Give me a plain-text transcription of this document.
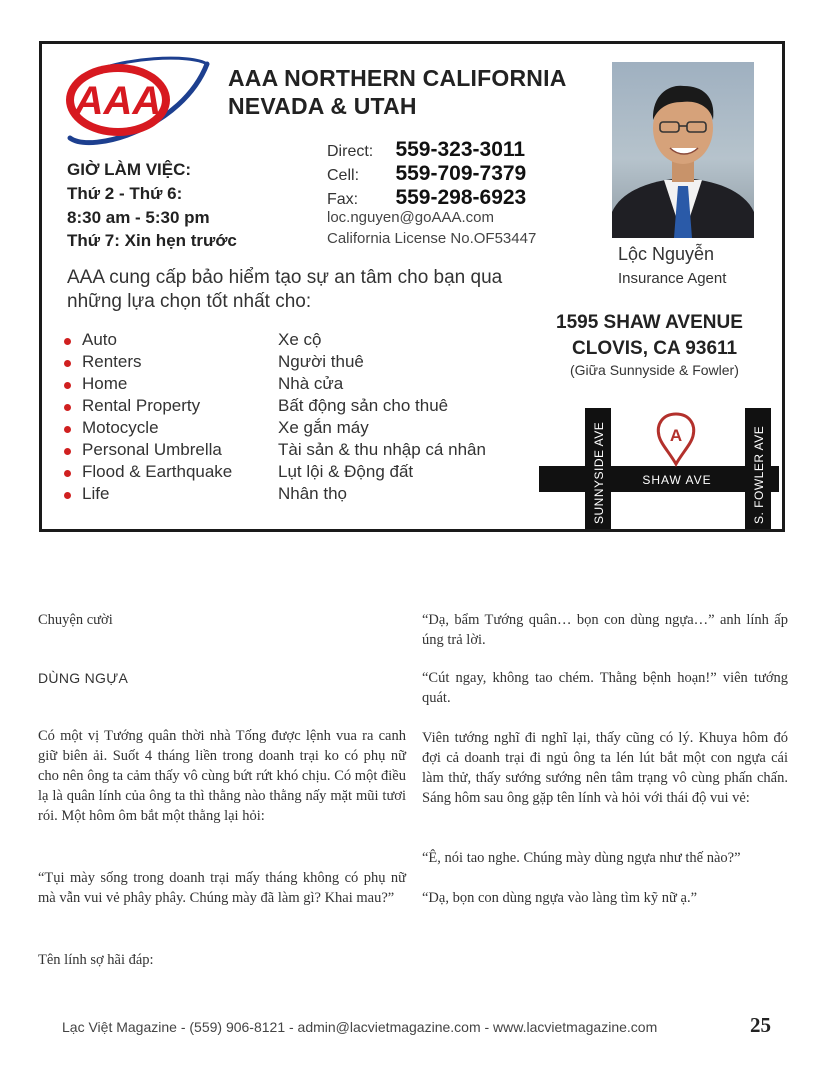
AAA
AAA NORTHERN CALIFORNIA
NEVADA & UTAH
GIỜ LÀM VIỆC:
Thứ 2 - Thứ 6:
8:30 am - 5:30 pm
Thứ 7: Xin hẹn trước
Direct: 559-323-3011
Cell: 559-709-7379
Fax: 559-298-6923
loc.nguyen@goAAA.com
California License No.OF53447
Lộc Nguyễn
Insurance Agent
AAA cung cấp bảo hiểm tạo sự an tâm cho bạn qua
những lựa chọn tốt nhất cho:
Auto	Xe cộ
Renters	Người thuê
Home	Nhà cửa
Rental Property	Bất động sản cho thuê
Motocycle	Xe gắn máy
Personal Umbrella	Tài sản & thu nhập cá nhân
Flood & Earthquake	Lụt lội & Động đất
Life	Nhân thọ
1595 SHAW AVENUE
CLOVIS, CA 93611
(Giữa Sunnyside & Fowler)
SUNNYSIDE AVE	S. FOWLER AVE
SHAW AVE
A
Chuyện cười
DÙNG NGỰA
Có một vị Tướng quân thời nhà Tống được lệnh vua ra canh giữ biên ải. Suốt 4 tháng liền trong doanh trại ko có phụ nữ cho nên ông ta cảm thấy vô cùng bứt rứt khó chịu. Có một điều lạ là quân lính của ông ta thì thằng nào thằng nấy mặt mũi tươi rói. Một hôm ôm bắt một thằng lại hỏi:
“Tụi mày sống trong doanh trại mấy tháng không có phụ nữ mà vẫn vui vẻ phây phây. Chúng mày đã làm gì? Khai mau?”
Tên lính sợ hãi đáp:
“Dạ, bẩm Tướng quân… bọn con dùng ngựa…” anh lính ấp úng trả lời.
“Cút ngay, không tao chém. Thằng bệnh hoạn!” viên tướng quát.
Viên tướng nghĩ đi nghĩ lại, thấy cũng có lý. Khuya hôm đó đợi cả doanh trại đi ngủ ông ta lén lút bắt một con ngựa cái làm thử, thấy sướng sướng nên tâm trạng vô cùng phấn chấn. Sáng hôm sau ông gặp tên lính và hỏi với thái độ vui vẻ:
“Ê, nói tao nghe. Chúng mày dùng ngựa như thế nào?”
“Dạ, bọn con dùng ngựa vào làng tìm kỹ nữ ạ.”
Lạc Việt Magazine - (559) 906-8121 - admin@lacvietmagazine.com - www.lacvietmagazine.com	25
